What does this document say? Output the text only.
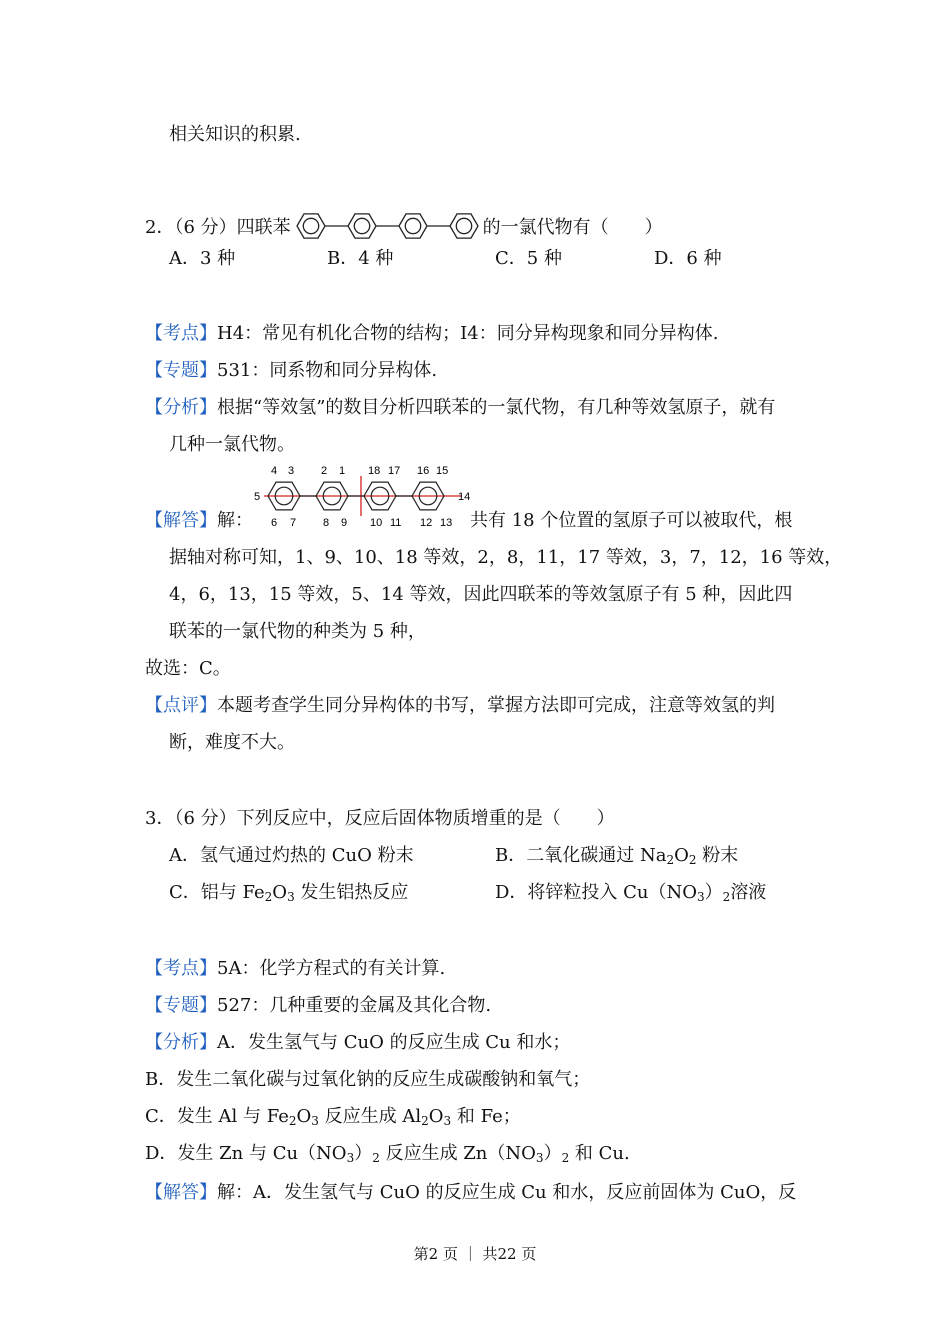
相关知识的积累.
2．（6 分）四联苯	的一氯代物有（　　）
A．3 种	B．4 种	C．5 种	D．6 种
【考点】H4：常见有机化合物的结构；I4：同分异构现象和同分异构体.
【专题】531：同系物和同分异构体.
【分析】根据“等效氢”的数目分析四联苯的一氯代物，有几种等效氢原子，就有
几种一氯代物。
4 3 2 1 18 17 16 15
6 7 8 9 10 11 12 13
5	14
【解答】解：	共有 18 个位置的氢原子可以被取代，根
据轴对称可知，1、9、10、18 等效，2，8，11，17 等效，3，7，12，16 等效，
4，6，13，15 等效，5、14 等效，因此四联苯的等效氢原子有 5 种，因此四
联苯的一氯代物的种类为 5 种，
故选：C。
【点评】本题考查学生同分异构体的书写，掌握方法即可完成，注意等效氢的判
断，难度不大。
3．（6 分）下列反应中，反应后固体物质增重的是（　　）
A．氢气通过灼热的 CuO 粉末	B．二氧化碳通过 $Na_2O_2$ 粉末
C．铝与 $Fe_2O_3$ 发生铝热反应	D．将锌粒投入 $Cu(NO_3)_2$溶液
【考点】5A：化学方程式的有关计算.
【专题】527：几种重要的金属及其化合物.
【分析】A．发生氢气与 CuO 的反应生成 Cu 和水；
B．发生二氧化碳与过氧化钠的反应生成碳酸钠和氧气；
C．发生 Al 与 $Fe_2O_3$ 反应生成 $Al_2O_3$ 和 Fe；
D．发生 Zn 与 $Cu(NO_3)_2$ 反应生成 $Zn(NO_3)_2$ 和 Cu.
【解答】解：A．发生氢气与 CuO 的反应生成 Cu 和水，反应前固体为 CuO，反
第2 页 ｜ 共22 页
